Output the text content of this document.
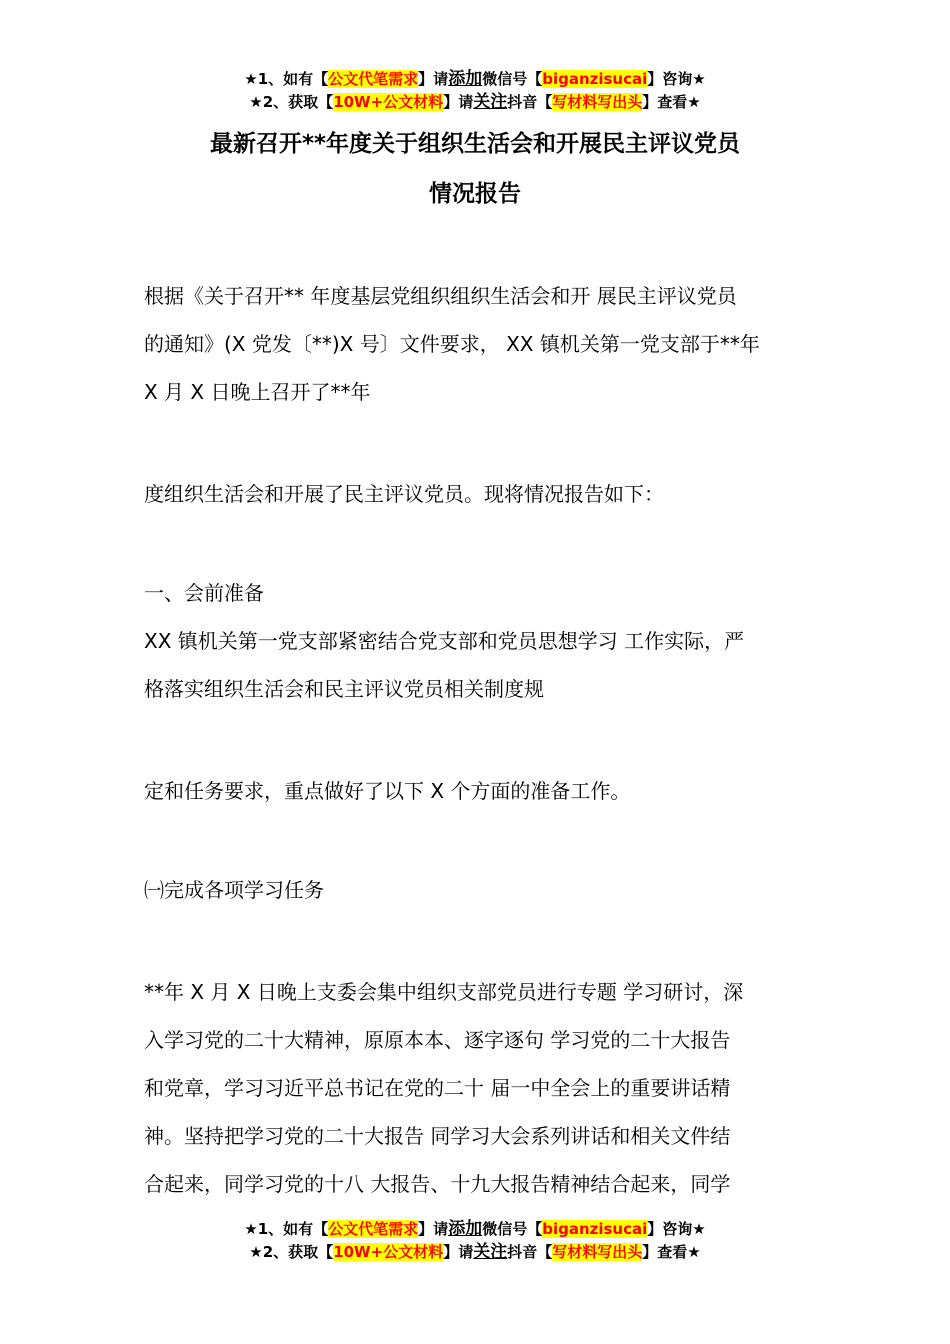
★1、如有【公文代笔需求】请添加微信号【biganzisucai】咨询★
★2、获取【10W+公文材料】请关注抖音【写材料写出头】查看★
最新召开**年度关于组织生活会和开展民主评议党员
情况报告
根据《关于召开** 年度基层党组织组织生活会和开 展民主评议党员
的通知》(X 党发〔**)X 号〕文件要求， XX 镇机关第一党支部于**年
X 月 X 日晚上召开了**年
度组织生活会和开展了民主评议党员。现将情况报告如下：
一、会前准备
XX 镇机关第一党支部紧密结合党支部和党员思想学习 工作实际，严
格落实组织生活会和民主评议党员相关制度规
定和任务要求，重点做好了以下 X 个方面的准备工作。
㈠完成各项学习任务
**年 X 月 X 日晚上支委会集中组织支部党员进行专题 学习研讨，深
入学习党的二十大精神，原原本本、逐字逐句 学习党的二十大报告
和党章，学习习近平总书记在党的二十 届一中全会上的重要讲话精
神。坚持把学习党的二十大报告 同学习大会系列讲话和相关文件结
合起来，同学习党的十八 大报告、十九大报告精神结合起来，同学
★1、如有【公文代笔需求】请添加微信号【biganzisucai】咨询★
★2、获取【10W+公文材料】请关注抖音【写材料写出头】查看★
